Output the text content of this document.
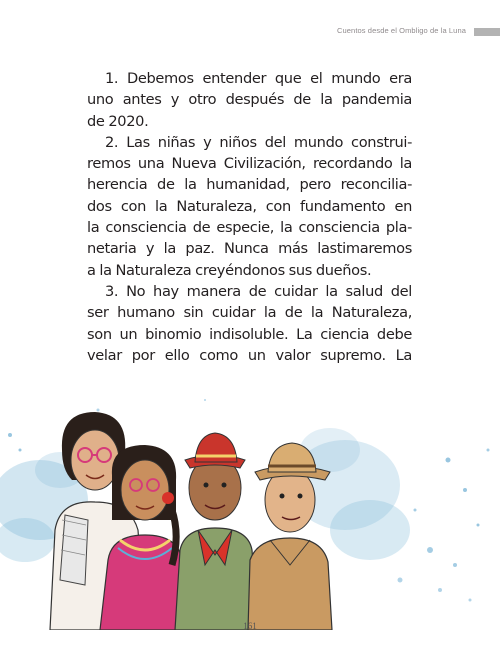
Cuentos desde el Ombligo de la Luna

1. Debemos entender que el mundo era
uno antes y otro después de la pandemia
de 2020.

2. Las niñas y niños del mundo construi-
remos una Nueva Civilización, recordando la
herencia de la humanidad, pero reconcilia-
dos con la Naturaleza, con fundamento en
la consciencia de especie, la consciencia pla-
netaria y la paz. Nunca más lastimaremos
a la Naturaleza creyéndonos sus dueños.

3. No hay manera de cuidar la salud del
ser humano sin cuidar la de la Naturaleza,
son un binomio indisoluble. La ciencia debe
velar por ello como un valor supremo. La

161
